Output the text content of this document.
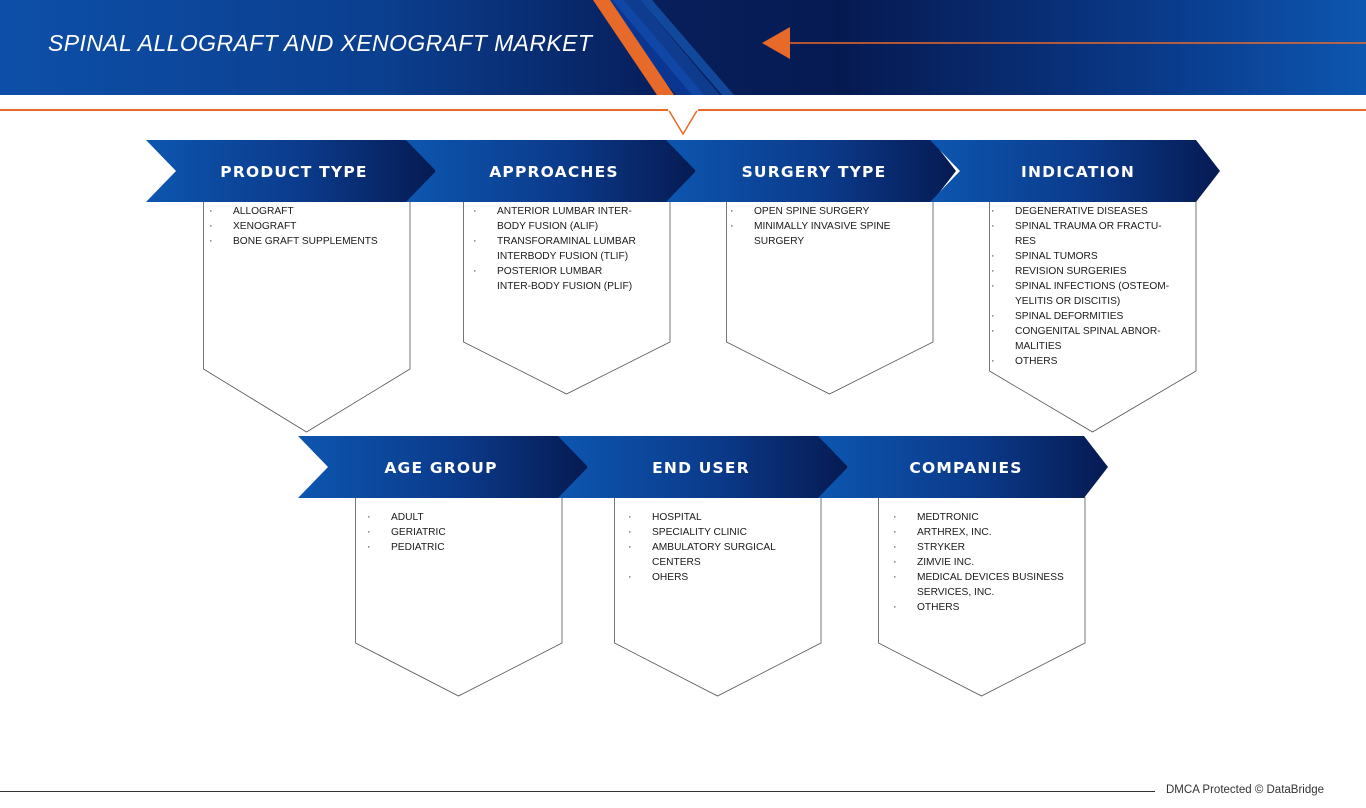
SPINAL ALLOGRAFT AND XENOGRAFT MARKET
· ALLOGRAFT
· XENOGRAFT
· BONE GRAFT SUPPLEMENTS
· ANTERIOR LUMBAR INTER-BODY FUSION (ALIF)
· TRANSFORAMINAL LUMBAR INTERBODY FUSION (TLIF)
· POSTERIOR LUMBAR INTER-BODY FUSION (PLIF)
· OPEN SPINE SURGERY
· MINIMALLY INVASIVE SPINE SURGERY
· DEGENERATIVE DISEASES
· SPINAL TRAUMA OR FRACTU-RES
· SPINAL TUMORS
· REVISION SURGERIES
· SPINAL INFECTIONS (OSTEOM-YELITIS OR DISCITIS)
· SPINAL DEFORMITIES
· CONGENITAL SPINAL ABNOR-MALITIES
· OTHERS
· ADULT
· GERIATRIC
· PEDIATRIC
· HOSPITAL
· SPECIALITY CLINIC
· AMBULATORY SURGICAL CENTERS
· OHERS
· MEDTRONIC
· ARTHREX, INC.
· STRYKER
· ZIMVIE INC.
· MEDICAL DEVICES BUSINESS SERVICES, INC.
· OTHERS
PRODUCT TYPE	APPROACHES	SURGERY TYPE	INDICATION
AGE GROUP	END USER	COMPANIES
DMCA Protected © DataBridge
